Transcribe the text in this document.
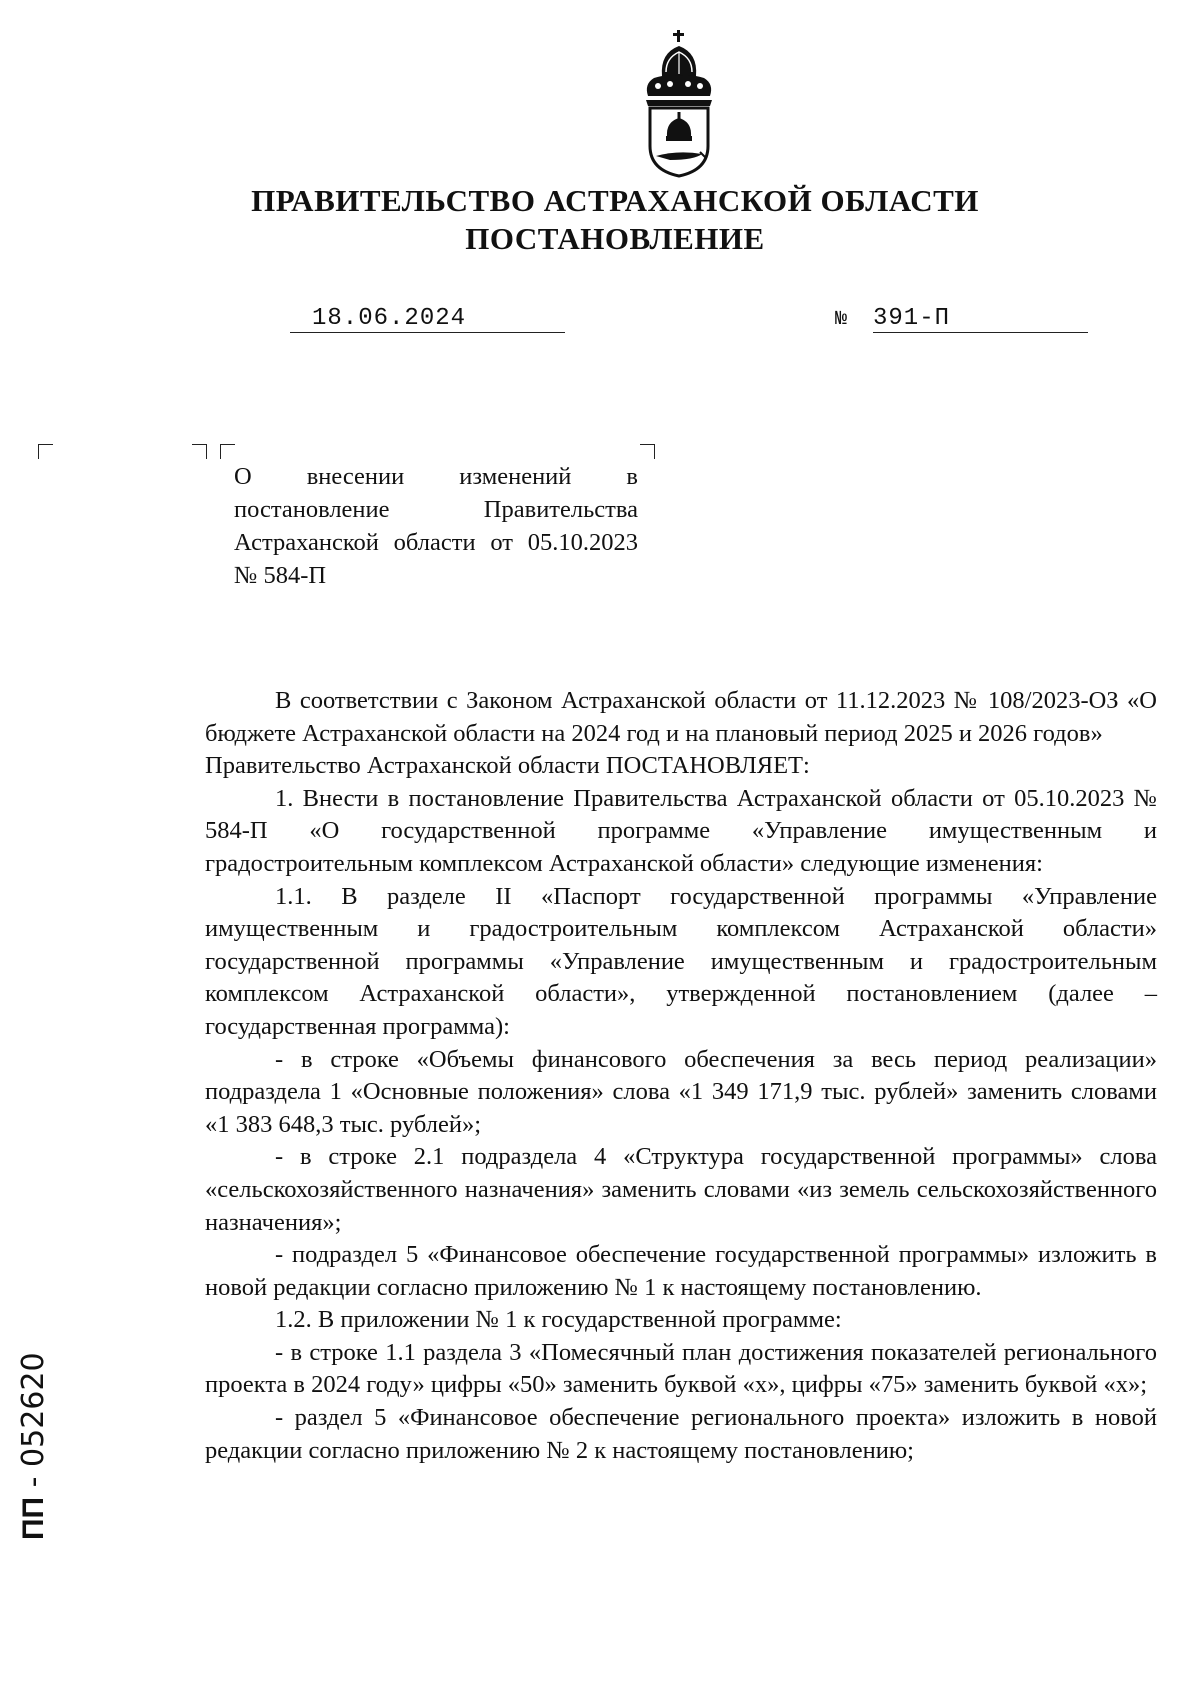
ПРАВИТЕЛЬСТВО АСТРАХАНСКОЙ ОБЛАСТИ
ПОСТАНОВЛЕНИЕ
18.06.2024	№ 391-П

О внесении изменений в постановление Правительства Астраханской области от 05.10.2023 № 584-П

В соответствии с Законом Астраханской области от 11.12.2023 № 108/2023-ОЗ «О бюджете Астраханской области на 2024 год и на плановый период 2025 и 2026 годов»

Правительство Астраханской области ПОСТАНОВЛЯЕТ:

1. Внести в постановление Правительства Астраханской области от 05.10.2023 № 584-П «О государственной программе «Управление имущественным и градостроительным комплексом Астраханской области» следующие изменения:

1.1. В разделе II «Паспорт государственной программы «Управление имущественным и градостроительным комплексом Астраханской области» государственной программы «Управление имущественным и градостроительным комплексом Астраханской области», утвержденной постановлением (далее – государственная программа):

- в строке «Объемы финансового обеспечения за весь период реализации» подраздела 1 «Основные положения» слова «1 349 171,9 тыс. рублей» заменить словами «1 383 648,3 тыс. рублей»;

- в строке 2.1 подраздела 4 «Структура государственной программы» слова «сельскохозяйственного назначения» заменить словами «из земель сельскохозяйственного назначения»;

- подраздел 5 «Финансовое обеспечение государственной программы» изложить в новой редакции согласно приложению № 1 к настоящему постановлению.

1.2. В приложении № 1 к государственной программе:

- в строке 1.1 раздела 3 «Помесячный план достижения показателей регионального проекта в 2024 году» цифры «50» заменить буквой «х», цифры «75» заменить буквой «х»;

- раздел 5 «Финансовое обеспечение регионального проекта» изложить в новой редакции согласно приложению № 2 к настоящему постановлению;

ПП - 052620
